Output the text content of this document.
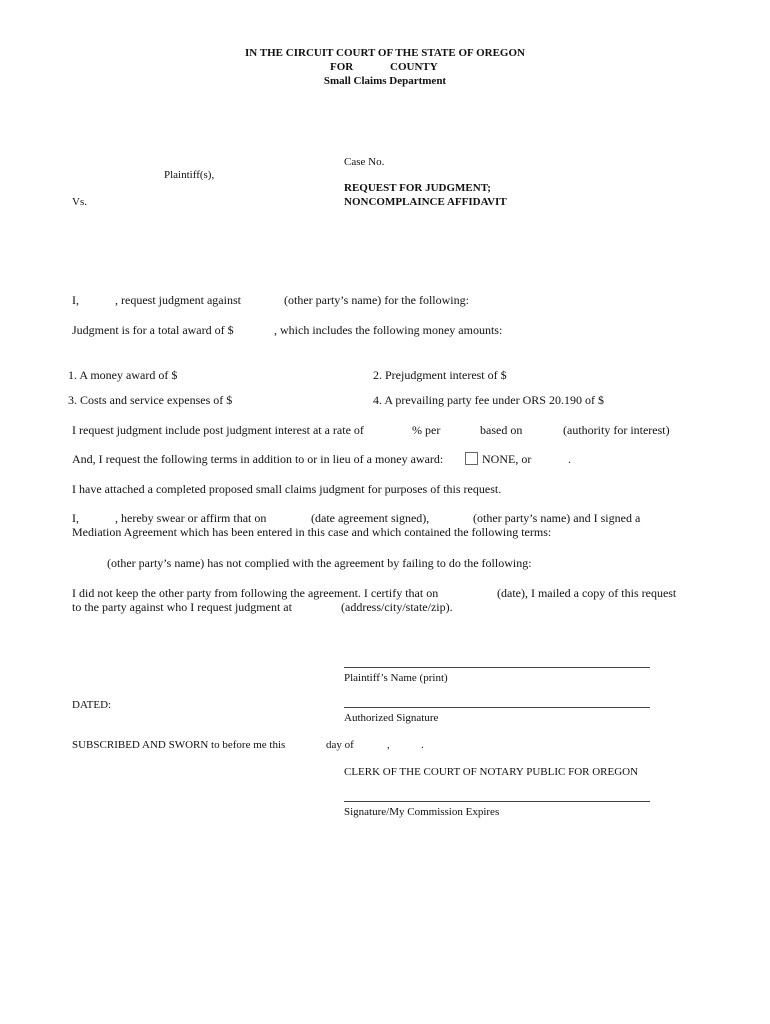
IN THE CIRCUIT COURT OF THE STATE OF OREGON
FOR	COUNTY
Small Claims Department
Plaintiff(s),
Vs.
Case No.
REQUEST FOR JUDGMENT;
NONCOMPLAINCE AFFIDAVIT
I,	, request judgment against	(other party’s name) for the following:
Judgment is for a total award of $	, which includes the following money amounts:
1. A money award of $	2. Prejudgment interest of $
3. Costs and service expenses of $	4. A prevailing party fee under ORS 20.190 of $
I request judgment include post judgment interest at a rate of	% per	based on	(authority for interest)
And, I request the following terms in addition to or in lieu of a money award:	NONE, or	.
I have attached a completed proposed small claims judgment for purposes of this request.
I,	, hereby swear or affirm that on	(date agreement signed),	(other party’s name) and I signed a
Mediation Agreement which has been entered in this case and which contained the following terms:
(other party’s name) has not complied with the agreement by failing to do the following:
I did not keep the other party from following the agreement. I certify that on	(date), I mailed a copy of this request
to the party against who I request judgment at	(address/city/state/zip).
Plaintiff’s Name (print)
DATED:
Authorized Signature
SUBSCRIBED AND SWORN to before me this	day of	,	.
CLERK OF THE COURT OF NOTARY PUBLIC FOR OREGON
Signature/My Commission Expires
